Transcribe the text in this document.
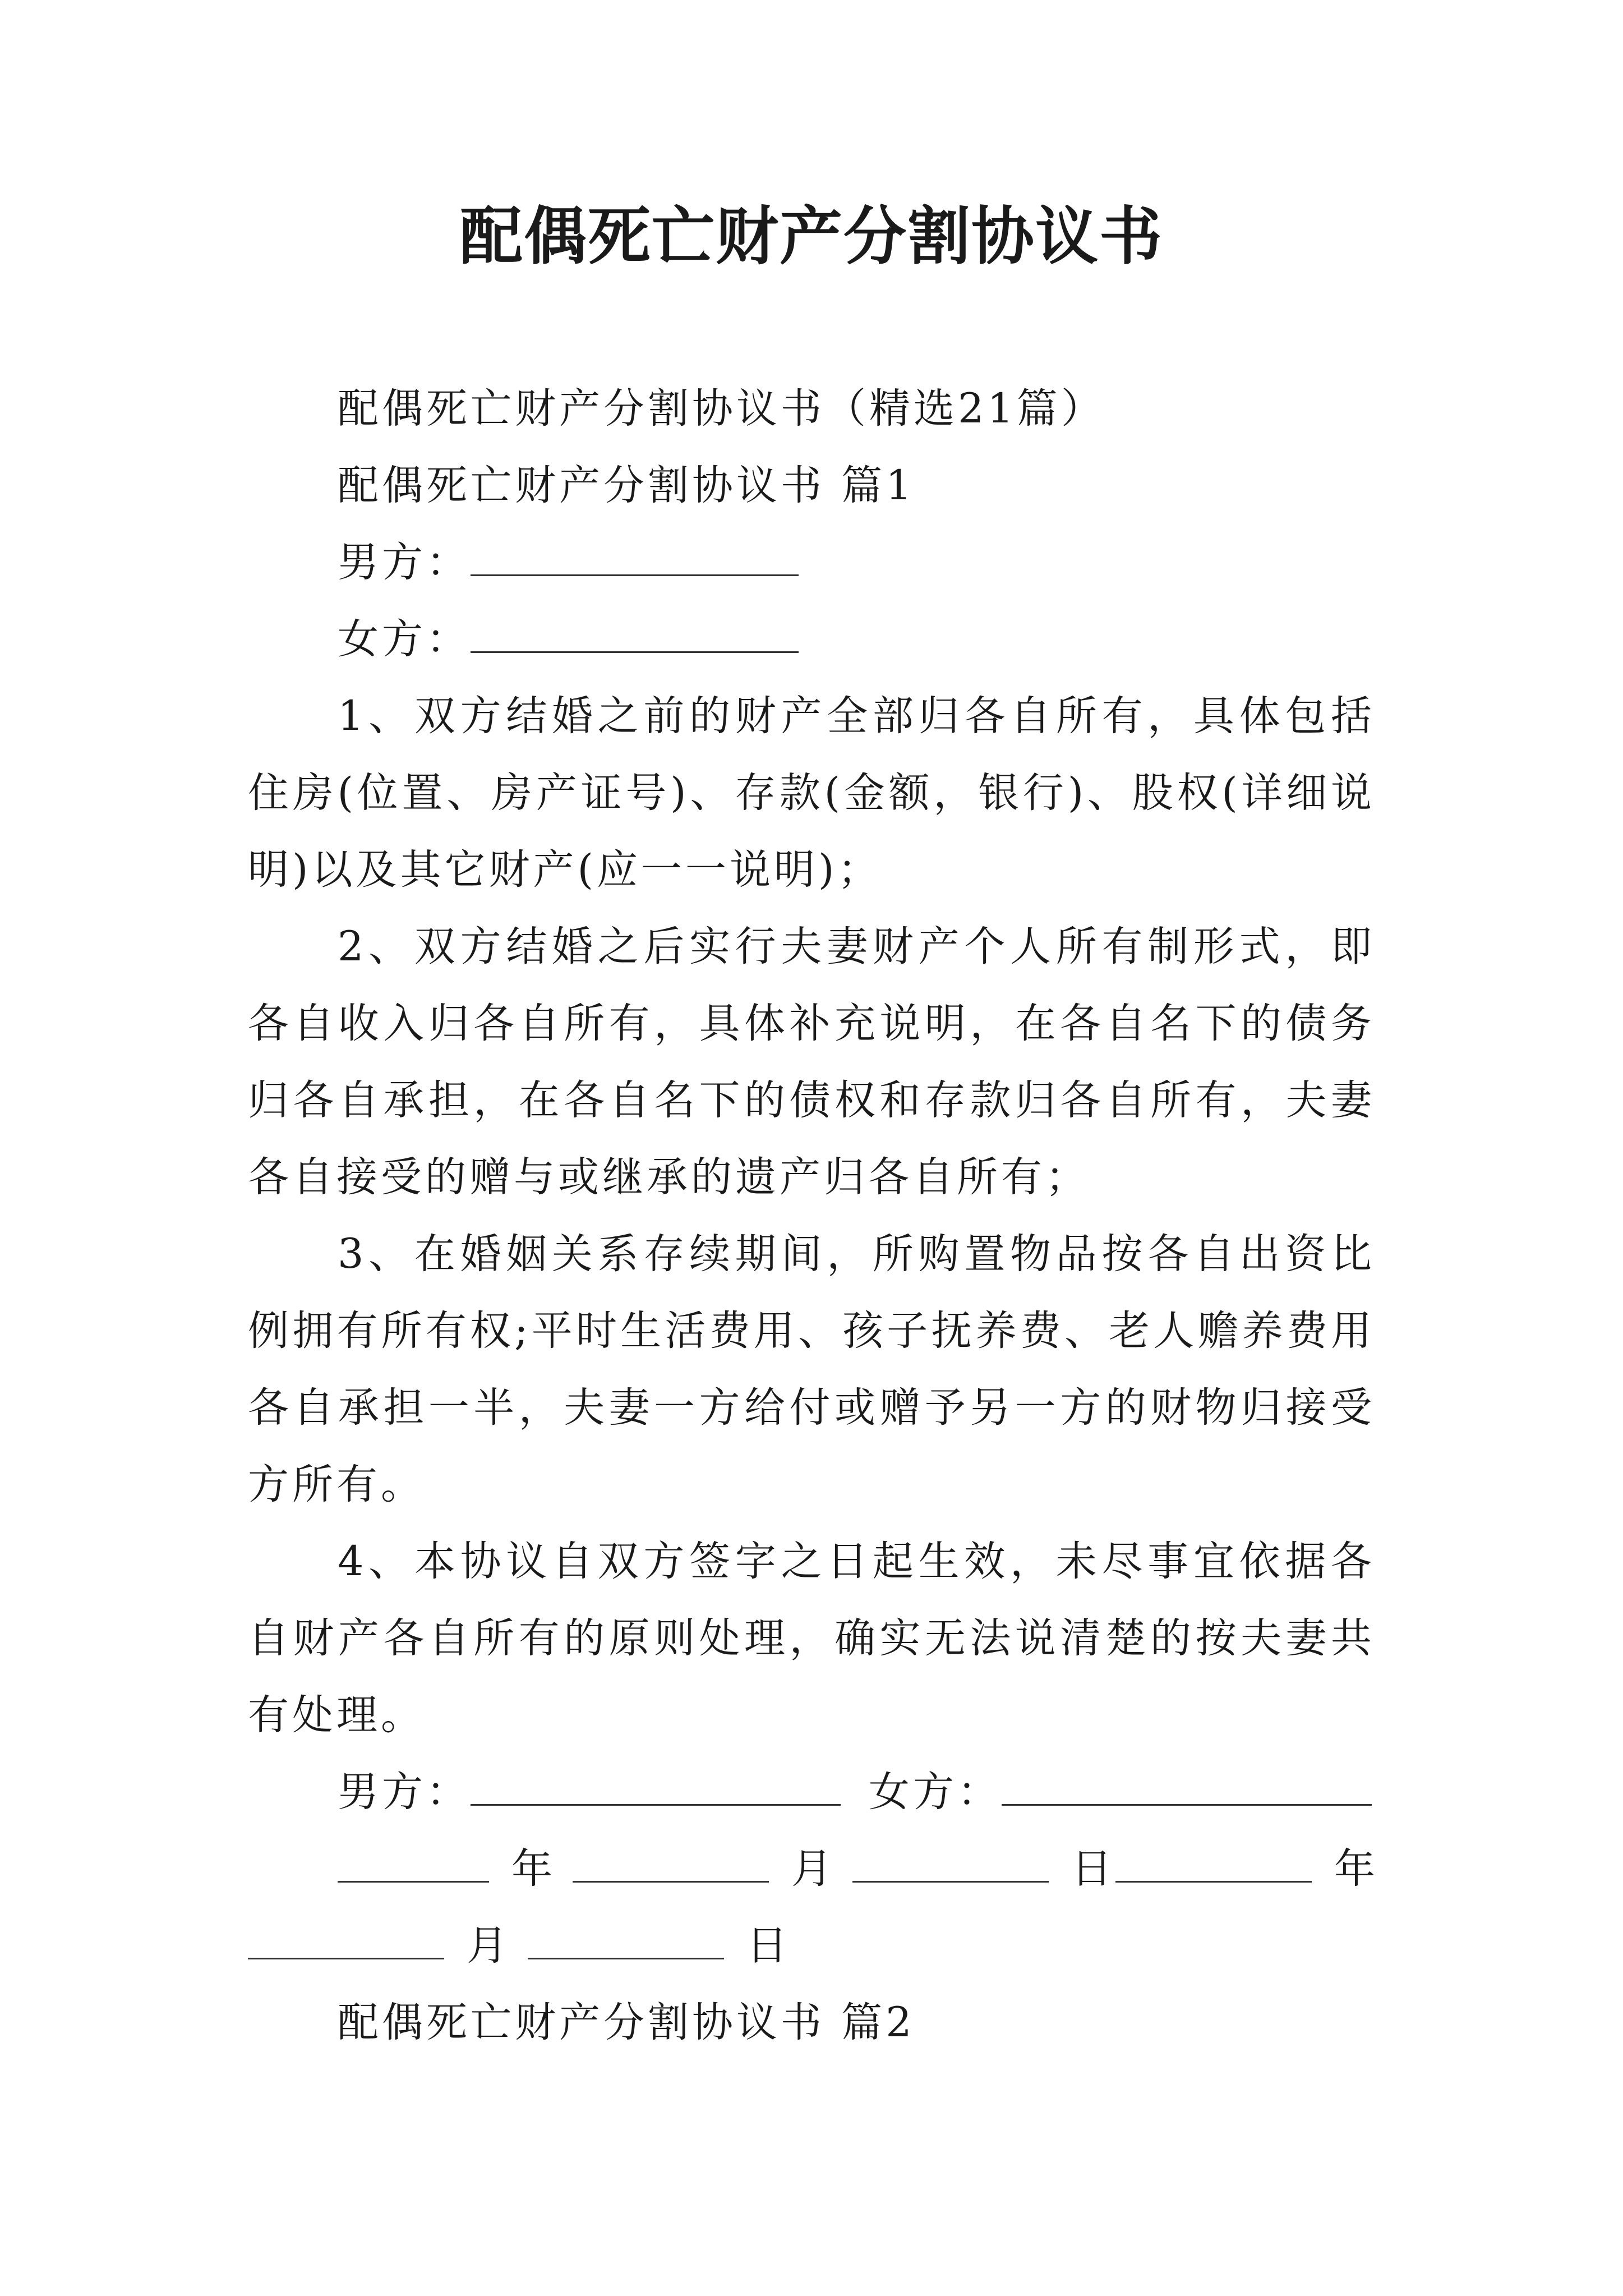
配偶死亡财产分割协议书
配偶死亡财产分割协议书（精选21篇）
配偶死亡财产分割协议书 篇1
男方：
女方：

1、双方结婚之前的财产全部归各自所有，具体包括住房(位置、房产证号)、存款(金额，银行)、股权(详细说明)以及其它财产(应一一说明)；

2、双方结婚之后实行夫妻财产个人所有制形式，即各自收入归各自所有，具体补充说明，在各自名下的债务归各自承担，在各自名下的债权和存款归各自所有，夫妻各自接受的赠与或继承的遗产归各自所有；

3、在婚姻关系存续期间，所购置物品按各自出资比例拥有所有权;平时生活费用、孩子抚养费、老人赡养费用各自承担一半，夫妻一方给付或赠予另一方的财物归接受方所有。

4、本协议自双方签字之日起生效，未尽事宜依据各自财产各自所有的原则处理，确实无法说清楚的按夫妻共有处理。

男方：	女方：
年	月	日	年
月	日
配偶死亡财产分割协议书 篇2
